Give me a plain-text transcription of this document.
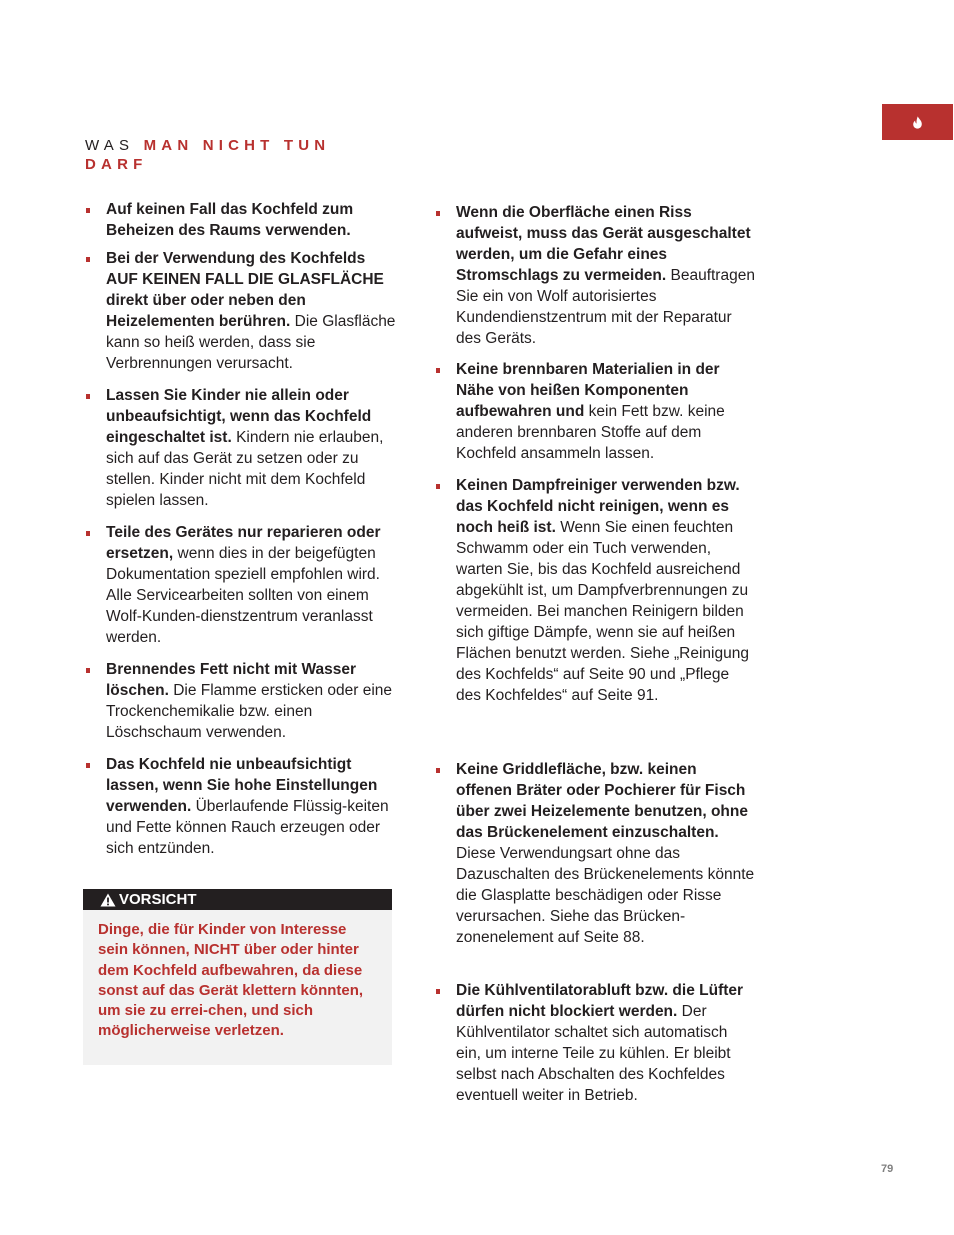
WAS MAN NICHT TUN DARF
Auf keinen Fall das Kochfeld zum Beheizen des Raums verwenden.
Bei der Verwendung des Kochfelds AUF KEINEN FALL DIE GLASFLÄCHE direkt über oder neben den Heizelementen berühren. Die Glasfläche kann so heiß werden, dass sie Verbrennungen verursacht.
Lassen Sie Kinder nie allein oder unbeaufsichtigt, wenn das Kochfeld eingeschaltet ist. Kindern nie erlauben, sich auf das Gerät zu setzen oder zu stellen. Kinder nicht mit dem Kochfeld spielen lassen.
Teile des Gerätes nur reparieren oder ersetzen, wenn dies in der beigefügten Dokumentation speziell empfohlen wird. Alle Servicearbeiten sollten von einem Wolf-Kunden-dienstzentrum veranlasst werden.
Brennendes Fett nicht mit Wasser löschen. Die Flamme ersticken oder eine Trockenchemikalie bzw. einen Löschschaum verwenden.
Das Kochfeld nie unbeaufsichtigt lassen, wenn Sie hohe Einstellungen verwenden. Überlaufende Flüssig-keiten und Fette können Rauch erzeugen oder sich entzünden.
Wenn die Oberfläche einen Riss aufweist, muss das Gerät ausgeschaltet werden, um die Gefahr eines Stromschlags zu vermeiden. Beauftragen Sie ein von Wolf autorisiertes Kundendienstzentrum mit der Reparatur des Geräts.
Keine brennbaren Materialien in der Nähe von heißen Komponenten aufbewahren und kein Fett bzw. keine anderen brennbaren Stoffe auf dem Kochfeld ansammeln lassen.
Keinen Dampfreiniger verwenden bzw. das Kochfeld nicht reinigen, wenn es noch heiß ist. Wenn Sie einen feuchten Schwamm oder ein Tuch verwenden, warten Sie, bis das Kochfeld ausreichend abgekühlt ist, um Dampfverbrennungen zu vermeiden. Bei manchen Reinigern bilden sich giftige Dämpfe, wenn sie auf heißen Flächen benutzt werden. Siehe „Reinigung des Kochfelds“ auf Seite 90 und „Pflege des Kochfeldes“ auf Seite 91.
Keine Griddlefläche, bzw. keinen offenen Bräter oder Pochierer für Fisch über zwei Heizelemente benutzen, ohne das Brückenelement einzuschalten. Diese Verwendungsart ohne das Dazuschalten des Brückenelements könnte die Glasplatte beschädigen oder Risse verursachen. Siehe das Brücken-zonenelement auf Seite 88.
Die Kühlventilatorabluft bzw. die Lüfter dürfen nicht blockiert werden. Der Kühlventilator schaltet sich automatisch ein, um interne Teile zu kühlen. Er bleibt selbst nach Abschalten des Kochfeldes eventuell weiter in Betrieb.
VORSICHT
Dinge, die für Kinder von Interesse sein können, NICHT über oder hinter dem Kochfeld aufbewahren, da diese sonst auf das Gerät klettern könnten, um sie zu errei-chen, und sich möglicherweise verletzen.
79
